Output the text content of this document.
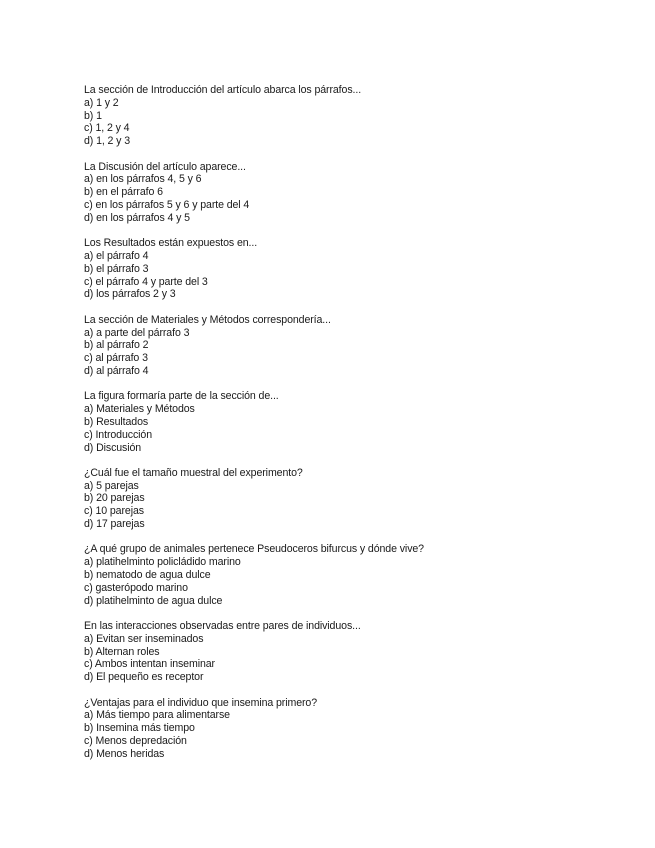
La sección de Introducción del artículo abarca los párrafos...
a) 1 y 2
b) 1
c) 1, 2 y 4
d) 1, 2 y 3
La Discusión del artículo aparece...
a) en los párrafos 4, 5 y 6
b) en el párrafo 6
c) en los párrafos 5 y 6 y parte del 4
d) en los párrafos 4 y 5
Los Resultados están expuestos en...
a) el párrafo 4
b) el párrafo 3
c) el párrafo 4 y parte del 3
d) los párrafos 2 y 3
La sección de Materiales y Métodos correspondería...
a) a parte del párrafo 3
b) al párrafo 2
c) al párrafo 3
d) al párrafo 4
La figura formaría parte de la sección de...
a) Materiales y Métodos
b) Resultados
c) Introducción
d) Discusión
¿Cuál fue el tamaño muestral del experimento?
a) 5 parejas
b) 20 parejas
c) 10 parejas
d) 17 parejas
¿A qué grupo de animales pertenece Pseudoceros bifurcus y dónde vive?
a) platihelminto policládido marino
b) nematodo de agua dulce
c) gasterópodo marino
d) platihelminto de agua dulce
En las interacciones observadas entre pares de individuos...
a) Evitan ser inseminados
b) Alternan roles
c) Ambos intentan inseminar
d) El pequeño es receptor
¿Ventajas para el individuo que insemina primero?
a) Más tiempo para alimentarse
b) Insemina más tiempo
c) Menos depredación
d) Menos heridas
